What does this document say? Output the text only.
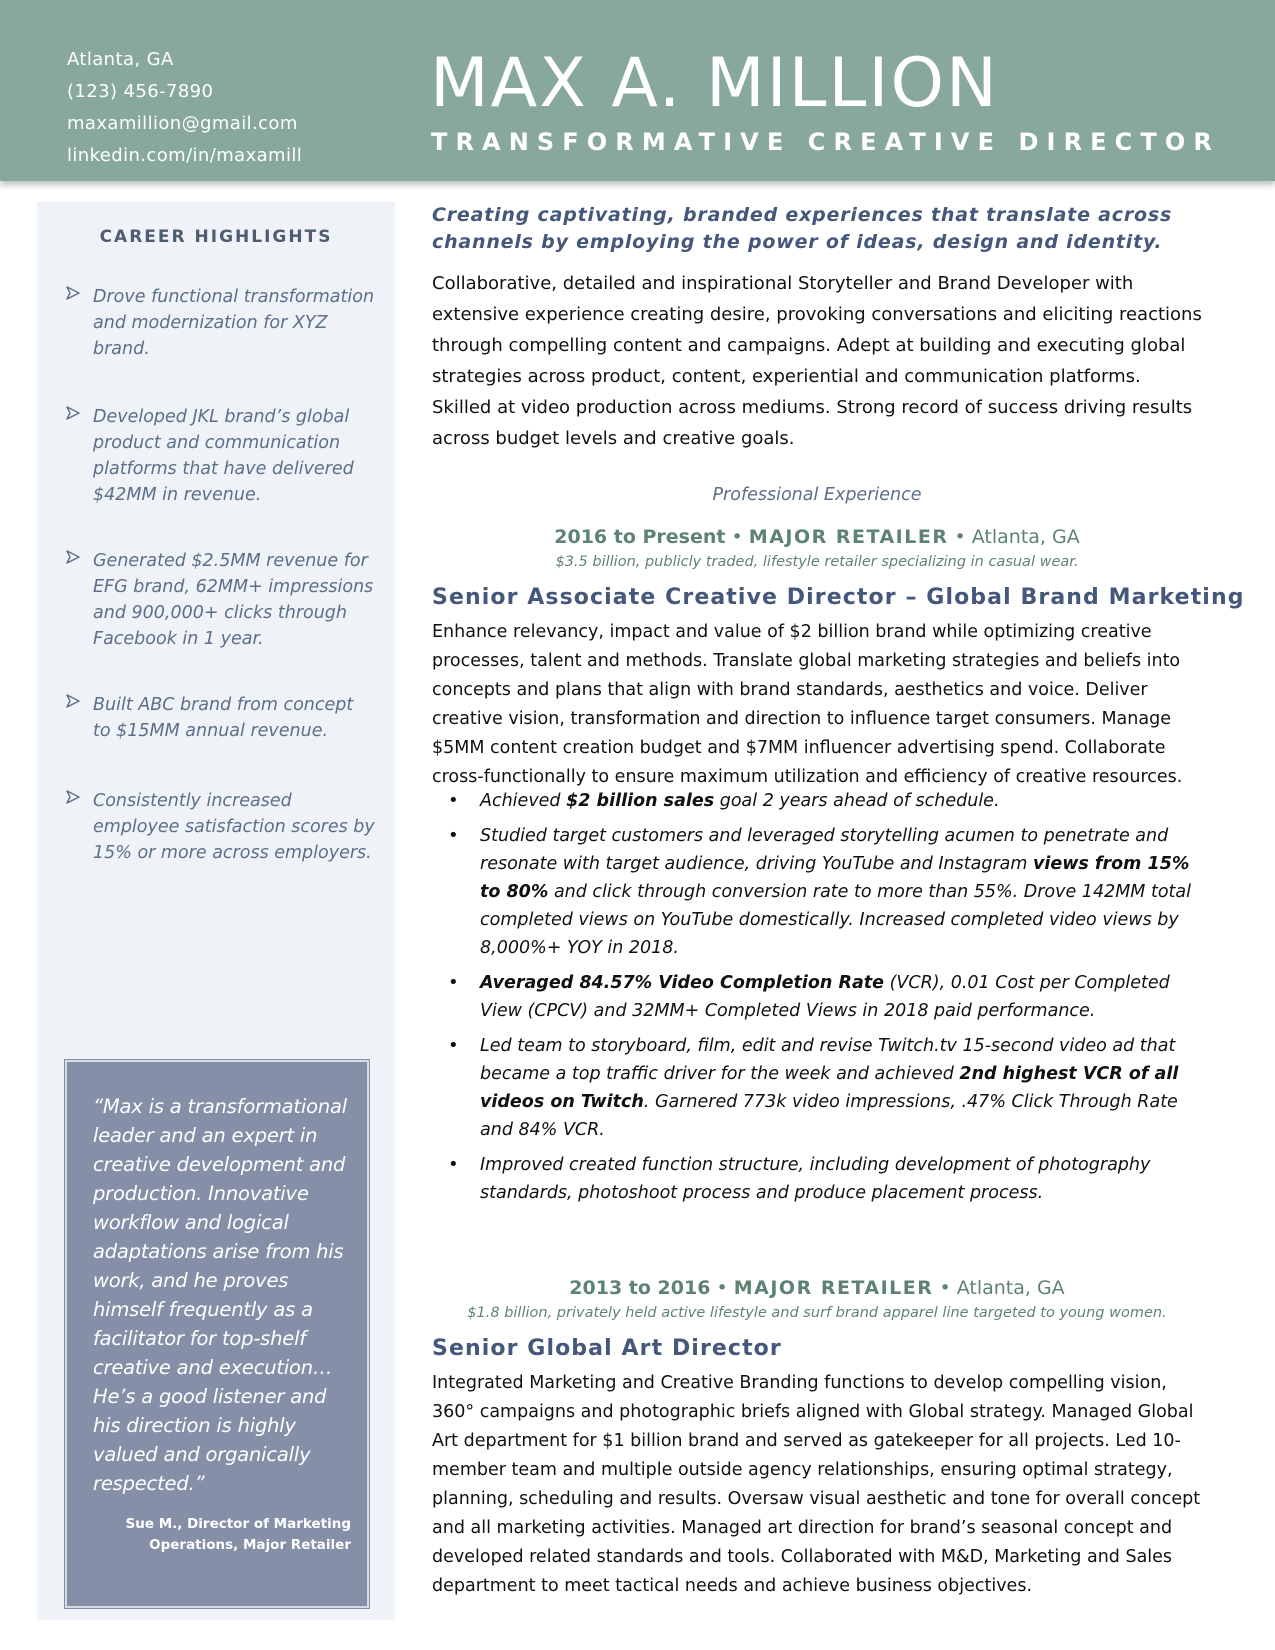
Atlanta, GA
(123) 456-7890
maxamillion@gmail.com
linkedin.com/in/maxamill
MAX A. MILLION
TRANSFORMATIVE CREATIVE DIRECTOR
CAREER HIGHLIGHTS
Drove functional transformation and modernization for XYZ brand.
Developed JKL brand’s global product and communication platforms that have delivered $42MM in revenue.
Generated $2.5MM revenue for EFG brand, 62MM+ impressions and 900,000+ clicks through Facebook in 1 year.
Built ABC brand from concept to $15MM annual revenue.
Consistently increased employee satisfaction scores by 15% or more across employers.
“Max is a transformational leader and an expert in creative development and production. Innovative workflow and logical adaptations arise from his work, and he proves himself frequently as a facilitator for top-shelf creative and execution… He’s a good listener and his direction is highly valued and organically respected.”
Sue M., Director of Marketing
Operations, Major Retailer
Creating captivating, branded experiences that translate across channels by employing the power of ideas, design and identity.
Collaborative, detailed and inspirational Storyteller and Brand Developer with extensive experience creating desire, provoking conversations and eliciting reactions through compelling content and campaigns. Adept at building and executing global strategies across product, content, experiential and communication platforms. Skilled at video production across mediums. Strong record of success driving results across budget levels and creative goals.
Professional Experience
2016 to Present • MAJOR RETAILER • Atlanta, GA
$3.5 billion, publicly traded, lifestyle retailer specializing in casual wear.
Senior Associate Creative Director – Global Brand Marketing
Enhance relevancy, impact and value of $2 billion brand while optimizing creative processes, talent and methods. Translate global marketing strategies and beliefs into concepts and plans that align with brand standards, aesthetics and voice. Deliver creative vision, transformation and direction to influence target consumers. Manage $5MM content creation budget and $7MM influencer advertising spend. Collaborate cross-functionally to ensure maximum utilization and efficiency of creative resources.
• Achieved $2 billion sales goal 2 years ahead of schedule.
• Studied target customers and leveraged storytelling acumen to penetrate and resonate with target audience, driving YouTube and Instagram views from 15% to 80% and click through conversion rate to more than 55%. Drove 142MM total completed views on YouTube domestically. Increased completed video views by 8,000%+ YOY in 2018.
• Averaged 84.57% Video Completion Rate (VCR), 0.01 Cost per Completed View (CPCV) and 32MM+ Completed Views in 2018 paid performance.
• Led team to storyboard, film, edit and revise Twitch.tv 15-second video ad that became a top traffic driver for the week and achieved 2nd highest VCR of all videos on Twitch. Garnered 773k video impressions, .47% Click Through Rate and 84% VCR.
• Improved created function structure, including development of photography standards, photoshoot process and produce placement process.
2013 to 2016 • MAJOR RETAILER • Atlanta, GA
$1.8 billion, privately held active lifestyle and surf brand apparel line targeted to young women.
Senior Global Art Director
Integrated Marketing and Creative Branding functions to develop compelling vision, 360° campaigns and photographic briefs aligned with Global strategy. Managed Global Art department for $1 billion brand and served as gatekeeper for all projects. Led 10-member team and multiple outside agency relationships, ensuring optimal strategy, planning, scheduling and results. Oversaw visual aesthetic and tone for overall concept and all marketing activities. Managed art direction for brand’s seasonal concept and developed related standards and tools. Collaborated with M&D, Marketing and Sales department to meet tactical needs and achieve business objectives.
